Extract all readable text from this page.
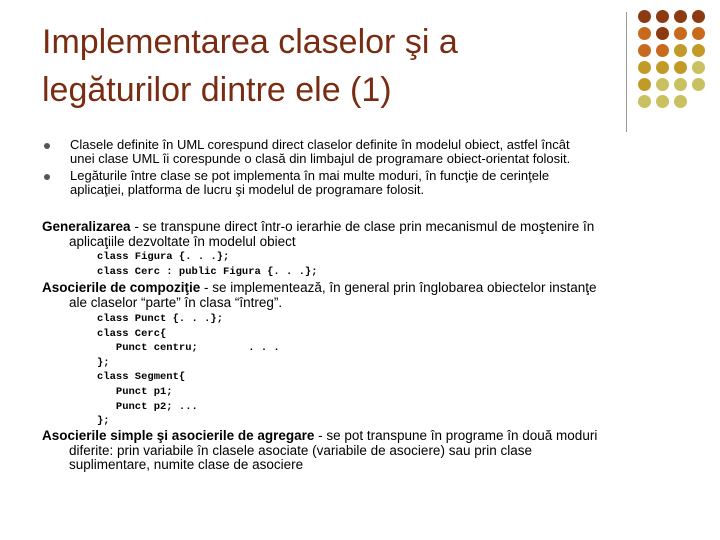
Implementarea claselor şi a
legăturilor dintre ele (1)
Clasele definite în UML corespund direct claselor definite în modelul obiect, astfel încât
unei clase UML îi corespunde o clasă din limbajul de programare obiect-orientat folosit.
Legăturile între clase se pot implementa în mai multe moduri, în funcţie de cerinţele
aplicaţiei, platforma de lucru şi modelul de programare folosit.
Generalizarea - se transpune direct într-o ierarhie de clase prin mecanismul de moştenire în
aplicaţiile dezvoltate în modelul obiect
class Figura {. . .};
class Cerc : public Figura {. . .};
Asocierile de compoziţie - se implementează, în general prin înglobarea obiectelor instanţe
ale claselor “parte” în clasa “întreg”.
class Punct {. . .};
class Cerc{
Punct centru;        . . .
};
class Segment{
Punct p1;
Punct p2; ...
};
Asocierile simple şi asocierile de agregare - se pot transpune în programe în două moduri
diferite: prin variabile în clasele asociate (variabile de asociere) sau prin clase
suplimentare, numite clase de asociere
